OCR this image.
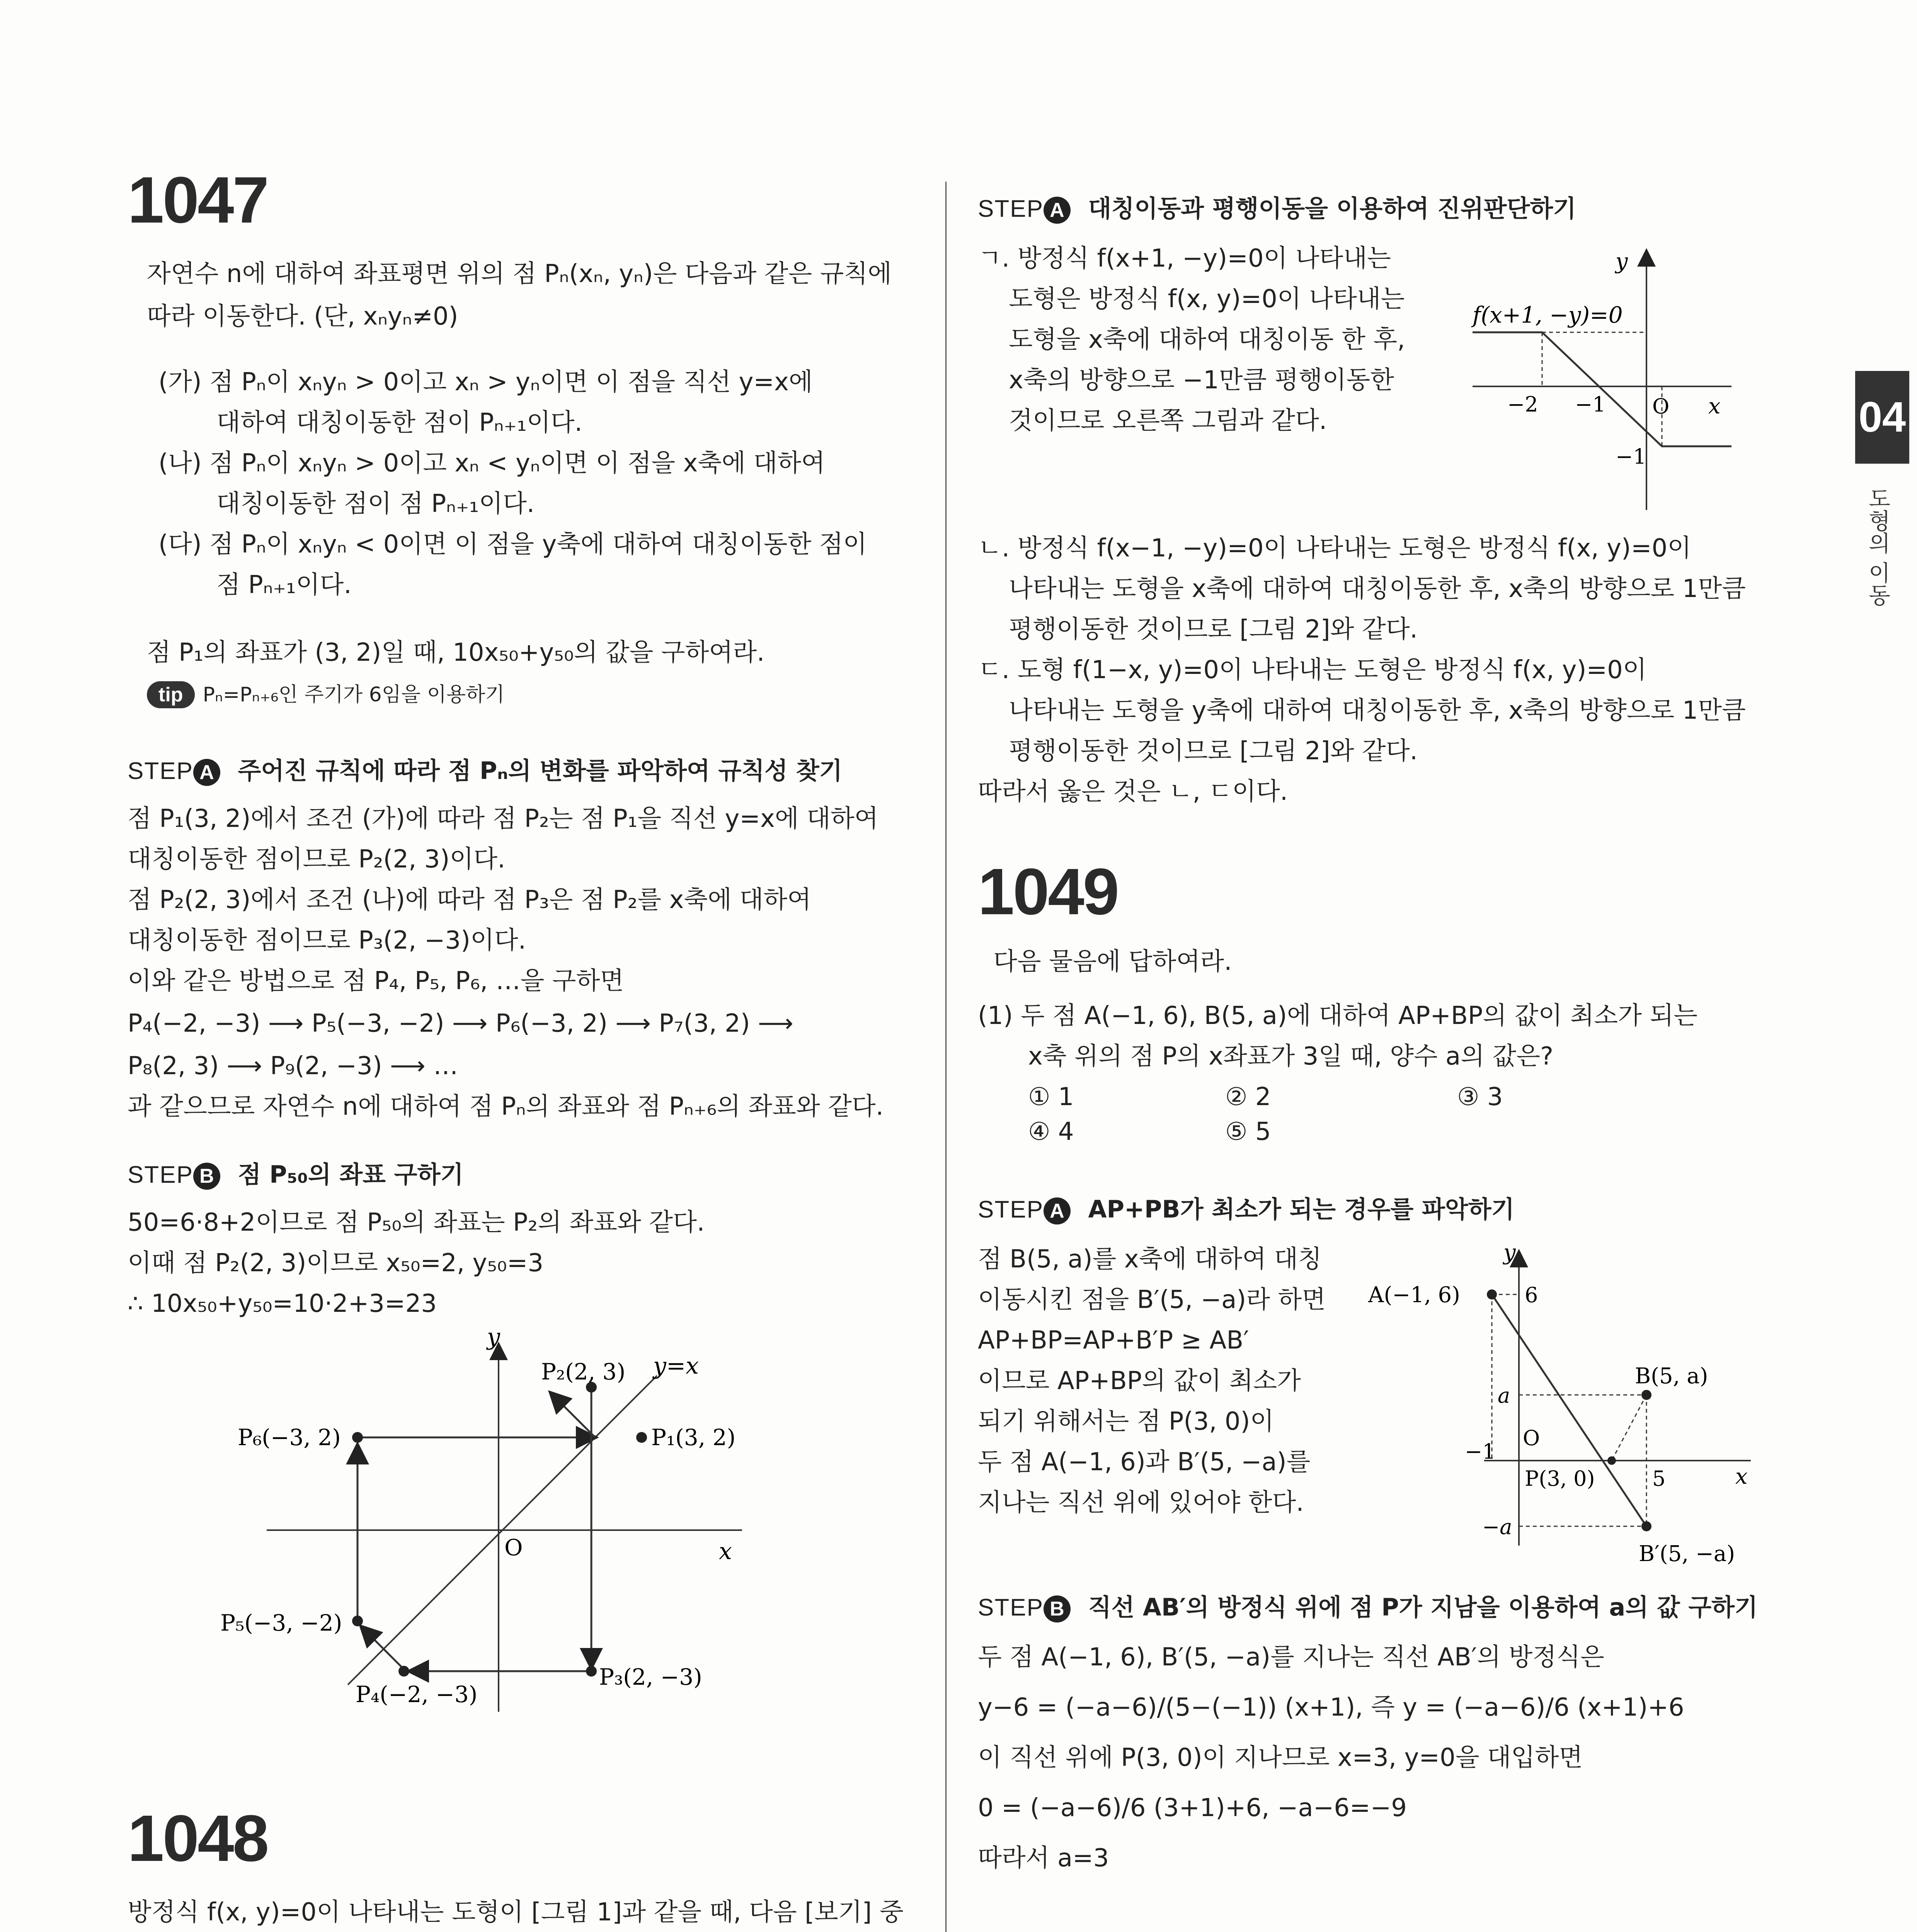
04
도형의 이동
1047
자연수 n에 대하여 좌표평면 위의 점 Pₙ(xₙ, yₙ)은 다음과 같은 규칙에
따라 이동한다. (단, xₙyₙ≠0)
(가) 점 Pₙ이 xₙyₙ > 0이고 xₙ > yₙ이면 이 점을 직선 y=x에
대하여 대칭이동한 점이 Pₙ₊₁이다.
(나) 점 Pₙ이 xₙyₙ > 0이고 xₙ < yₙ이면 이 점을 x축에 대하여
대칭이동한 점이 점 Pₙ₊₁이다.
(다) 점 Pₙ이 xₙyₙ < 0이면 이 점을 y축에 대하여 대칭이동한 점이
점 Pₙ₊₁이다.
점 P₁의 좌표가 (3, 2)일 때, 10x₅₀+y₅₀의 값을 구하여라.
tip Pₙ=Pₙ₊₆인 주기가 6임을 이용하기
STEP A 주어진 규칙에 따라 점 Pₙ의 변화를 파악하여 규칙성 찾기
점 P₁(3, 2)에서 조건 (가)에 따라 점 P₂는 점 P₁을 직선 y=x에 대하여
대칭이동한 점이므로 P₂(2, 3)이다.
점 P₂(2, 3)에서 조건 (나)에 따라 점 P₃은 점 P₂를 x축에 대하여
대칭이동한 점이므로 P₃(2, −3)이다.
이와 같은 방법으로 점 P₄, P₅, P₆, …을 구하면
P₄(−2, −3) ⟶ P₅(−3, −2) ⟶ P₆(−3, 2) ⟶ P₇(3, 2) ⟶
P₈(2, 3) ⟶ P₉(2, −3) ⟶ …
과 같으므로 자연수 n에 대하여 점 Pₙ의 좌표와 점 Pₙ₊₆의 좌표와 같다.
STEP B 점 P₅₀의 좌표 구하기
50=6·8+2이므로 점 P₅₀의 좌표는 P₂의 좌표와 같다.
이때 점 P₂(2, 3)이므로 x₅₀=2, y₅₀=3
∴ 10x₅₀+y₅₀=10·2+3=23
y
x
O
y=x
P₁(3, 2)
P₂(2, 3)
P₃(2, −3)
P₄(−2, −3)
P₅(−3, −2)
P₆(−3, 2)
1048
방정식 f(x, y)=0이 나타내는 도형이 [그림 1]과 같을 때, 다음 [보기] 중
STEP A 대칭이동과 평행이동을 이용하여 진위판단하기
ㄱ. 방정식 f(x+1, −y)=0이 나타내는
도형은 방정식 f(x, y)=0이 나타내는
도형을 x축에 대하여 대칭이동 한 후,
x축의 방향으로 −1만큼 평행이동한
것이므로 오른쪽 그림과 같다.
y
x
f(x+1, −y)=0
O
−2 −1
−1
ㄴ. 방정식 f(x−1, −y)=0이 나타내는 도형은 방정식 f(x, y)=0이
나타내는 도형을 x축에 대하여 대칭이동한 후, x축의 방향으로 1만큼
평행이동한 것이므로 [그림 2]와 같다.
ㄷ. 도형 f(1−x, y)=0이 나타내는 도형은 방정식 f(x, y)=0이
나타내는 도형을 y축에 대하여 대칭이동한 후, x축의 방향으로 1만큼
평행이동한 것이므로 [그림 2]와 같다.
따라서 옳은 것은 ㄴ, ㄷ이다.
1049
다음 물음에 답하여라.
(1) 두 점 A(−1, 6), B(5, a)에 대하여 AP+BP의 값이 최소가 되는
x축 위의 점 P의 x좌표가 3일 때, 양수 a의 값은?
① 1	② 2	③ 3
④ 4	⑤ 5
STEP A AP+PB가 최소가 되는 경우를 파악하기
점 B(5, a)를 x축에 대하여 대칭
이동시킨 점을 B′(5, −a)라 하면
AP+BP=AP+B′P ≥ AB′
이므로 AP+BP의 값이 최소가
되기 위해서는 점 P(3, 0)이
두 점 A(−1, 6)과 B′(5, −a)를
지나는 직선 위에 있어야 한다.
y
x
A(−1, 6)	6
B(5, a)
a
O
−1
P(3, 0)	5
−a
B′(5, −a)
STEP B 직선 AB′의 방정식 위에 점 P가 지남을 이용하여 a의 값 구하기
두 점 A(−1, 6), B′(5, −a)를 지나는 직선 AB′의 방정식은
y−6 = (−a−6)/(5−(−1)) (x+1), 즉 y = (−a−6)/6 (x+1)+6
이 직선 위에 P(3, 0)이 지나므로 x=3, y=0을 대입하면
0 = (−a−6)/6 (3+1)+6, −a−6=−9
따라서 a=3
